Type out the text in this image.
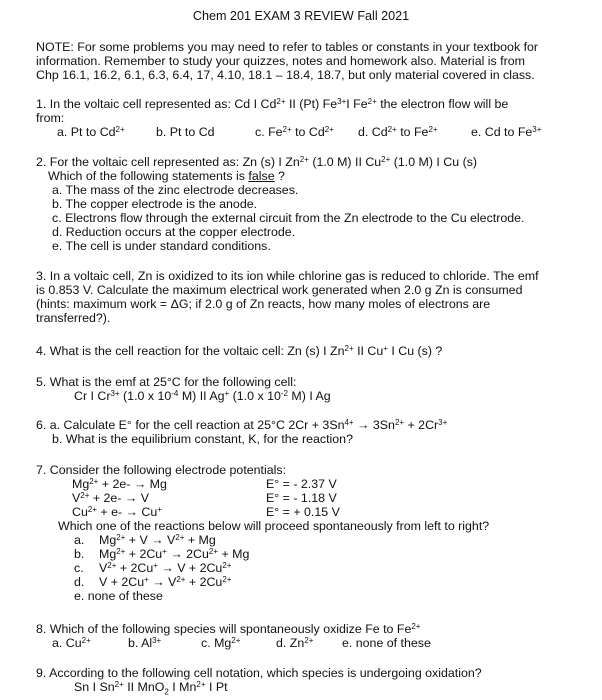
Chem 201 EXAM 3 REVIEW Fall 2021
NOTE: For some problems you may need to refer to tables or constants in your textbook for
information. Remember to study your quizzes, notes and homework also. Material is from
Chp 16.1, 16.2, 6.1, 6.3, 6.4, 17, 4.10, 18.1 – 18.4, 18.7, but only material covered in class.
1. In the voltaic cell represented as: Cd I $Cd^{2+}$ II (Pt) $Fe^{3+}I$ $Fe^{2+}$ the electron flow will be
from:
a. Pt to $Cd^{2+}$	b. Pt to Cd	c. $Fe^{2+}$ to $Cd^{2+}$ d. $Cd^{2+}$ to $Fe^{2+}$	e. Cd to $Fe^{3+}$
2. For the voltaic cell represented as: Zn (s) I $Zn^{2+}$ (1.0 M) II $Cu^{2+}$ (1.0 M) I Cu (s)
Which of the following statements is false ?
a. The mass of the zinc electrode decreases.
b. The copper electrode is the anode.
c. Electrons flow through the external circuit from the Zn electrode to the Cu electrode.
d. Reduction occurs at the copper electrode.
e. The cell is under standard conditions.
3. In a voltaic cell, Zn is oxidized to its ion while chlorine gas is reduced to chloride. The emf
is 0.853 V. Calculate the maximum electrical work generated when 2.0 g Zn is consumed
(hints: maximum work = ΔG; if 2.0 g of Zn reacts, how many moles of electrons are
transferred?).
4. What is the cell reaction for the voltaic cell: Zn (s) I $Zn^{2+}$ II Cu+ I Cu (s) ?
5. What is the emf at 25°C for the following cell:
Cr I $Cr^{3+}$ (1.0 x $10^{-4}$ M) II Ag+ (1.0 x $10^{-2}$ M) I Ag
6. a. Calculate E° for the cell reaction at 25°C $2Cr + 3Sn^{4+} \to 3Sn^{2+} + 2Cr^{3+}$
b. What is the equilibrium constant, K, for the reaction?
7. Consider the following electrode potentials:
$Mg^{2+} + 2e- \to Mg$	E° = - 2.37 V
$V^{2+} + 2e- \to V$	E° = - 1.18 V
$Cu^{2+} + e- \to Cu^+$	E° = + 0.15 V
Which one of the reactions below will proceed spontaneously from left to right?
a. $Mg^{2+} + V \to V^{2+} + Mg$
b. $Mg^{2+} + 2Cu^+ \to 2Cu^{2+} + Mg$
c. $V^{2+} + 2Cu^+ \to V + 2Cu^{2+}$
d. $V + 2Cu^+ \to V^{2+} + 2Cu^{2+}$
e. none of these
8. Which of the following species will spontaneously oxidize Fe to $Fe^{2+}$
a. $Cu^{2+}$	b. $Al^{3+}$	c. $Mg^{2+}$	d. $Zn^{2+}$ e. none of these
9. According to the following cell notation, which species is undergoing oxidation?
Sn I $Sn^{2+}$ II MnO$_2$ I $Mn^{2+}$ I Pt
